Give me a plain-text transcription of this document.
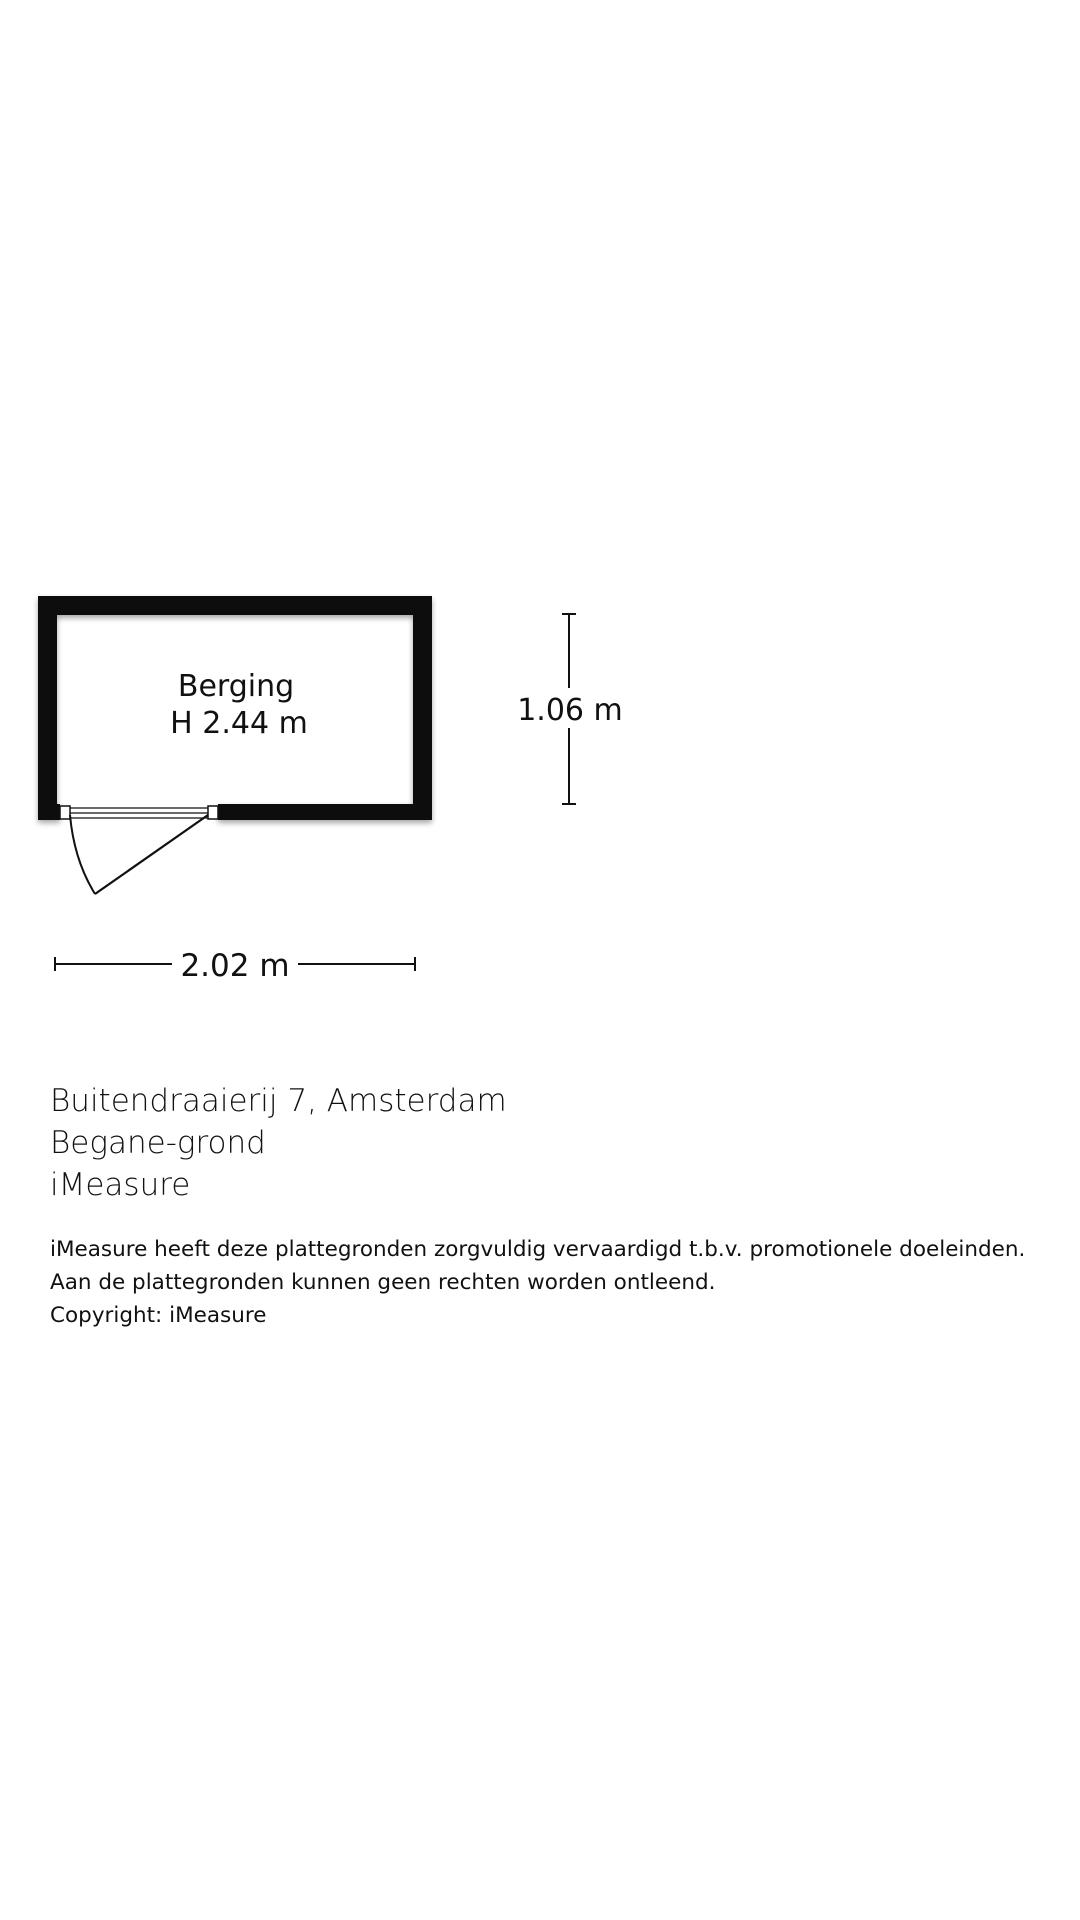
Berging
H 2.44 m	1.06 m
2.02 m
Buitendraaierij 7, Amsterdam
Begane-grond
iMeasure
iMeasure heeft deze plattegronden zorgvuldig vervaardigd t.b.v. promotionele doeleinden.
Aan de plattegronden kunnen geen rechten worden ontleend.
Copyright: iMeasure
